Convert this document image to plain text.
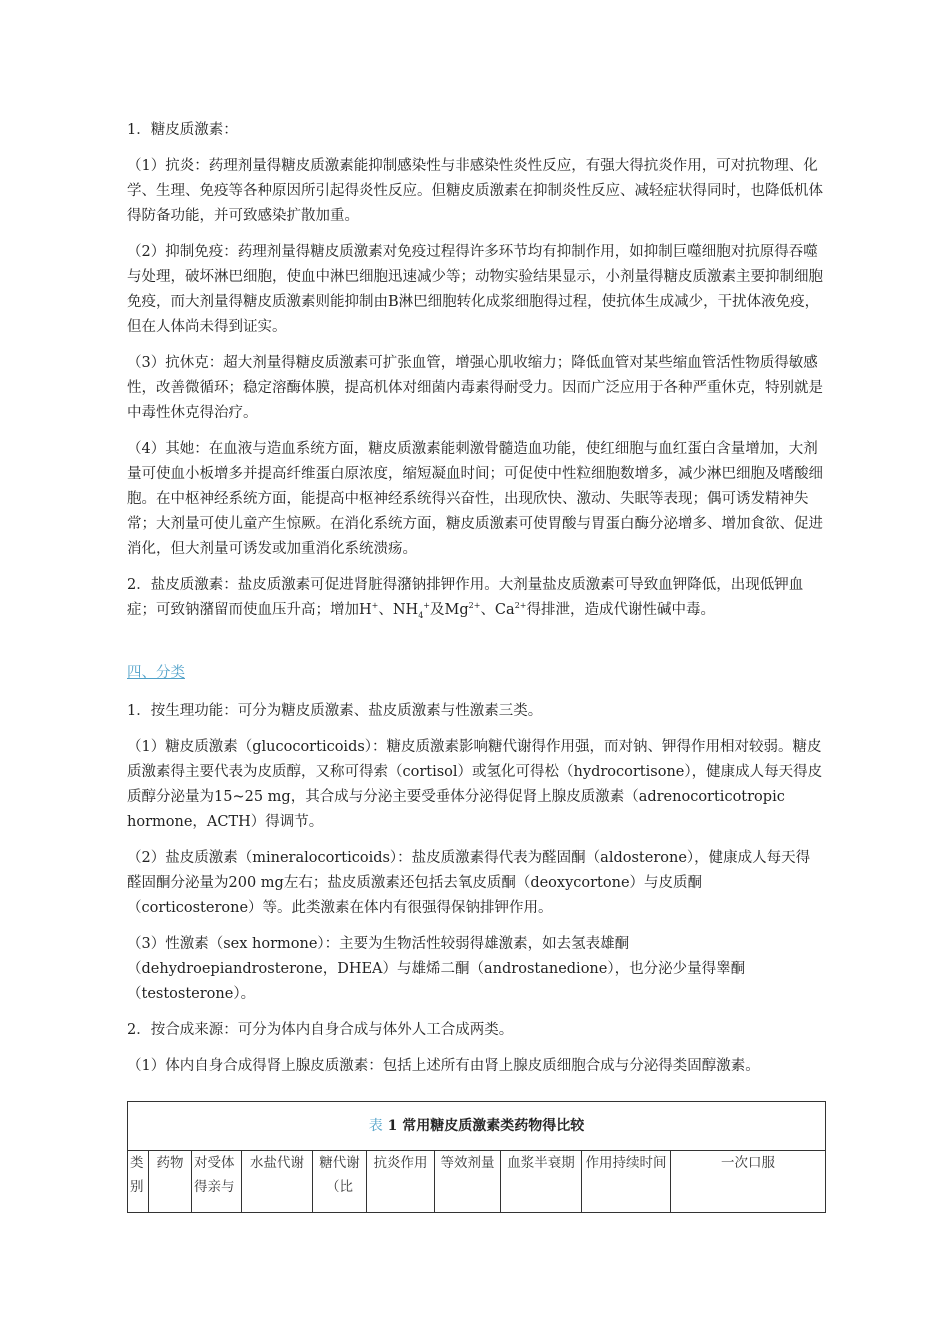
1．糖皮质激素：

（1）抗炎：药理剂量得糖皮质激素能抑制感染性与非感染性炎性反应，有强大得抗炎作用，可对抗物理、化学、生理、免疫等各种原因所引起得炎性反应。但糖皮质激素在抑制炎性反应、减轻症状得同时，也降低机体得防备功能，并可致感染扩散加重。

（2）抑制免疫：药理剂量得糖皮质激素对免疫过程得许多环节均有抑制作用，如抑制巨噬细胞对抗原得吞噬与处理，破坏淋巴细胞，使血中淋巴细胞迅速减少等；动物实验结果显示，小剂量得糖皮质激素主要抑制细胞免疫，而大剂量得糖皮质激素则能抑制由B淋巴细胞转化成浆细胞得过程，使抗体生成减少，干扰体液免疫，但在人体尚未得到证实。

（3）抗休克：超大剂量得糖皮质激素可扩张血管，增强心肌收缩力；降低血管对某些缩血管活性物质得敏感性，改善微循环；稳定溶酶体膜，提高机体对细菌内毒素得耐受力。因而广泛应用于各种严重休克，特别就是中毒性休克得治疗。

（4）其她：在血液与造血系统方面，糖皮质激素能刺激骨髓造血功能，使红细胞与血红蛋白含量增加，大剂量可使血小板增多并提高纤维蛋白原浓度，缩短凝血时间；可促使中性粒细胞数增多，减少淋巴细胞及嗜酸细胞。在中枢神经系统方面，能提高中枢神经系统得兴奋性，出现欣快、激动、失眠等表现；偶可诱发精神失常；大剂量可使儿童产生惊厥。在消化系统方面，糖皮质激素可使胃酸与胃蛋白酶分泌增多、增加食欲、促进消化，但大剂量可诱发或加重消化系统溃疡。

2．盐皮质激素：盐皮质激素可促进肾脏得潴钠排钾作用。大剂量盐皮质激素可导致血钾降低，出现低钾血症；可致钠潴留而使血压升高；增加H+、$NH_4^+$及$Mg^{2+}$、$Ca^{2+}$得排泄，造成代谢性碱中毒。

四、分类

1．按生理功能：可分为糖皮质激素、盐皮质激素与性激素三类。

（1）糖皮质激素（glucocorticoids）：糖皮质激素影响糖代谢得作用强，而对钠、钾得作用相对较弱。糖皮质激素得主要代表为皮质醇，又称可得索（cortisol）或氢化可得松（hydrocortisone），健康成人每天得皮质醇分泌量为15~25 mg，其合成与分泌主要受垂体分泌得促肾上腺皮质激素（adrenocorticotropic hormone，ACTH）得调节。

（2）盐皮质激素（mineralocorticoids）：盐皮质激素得代表为醛固酮（aldosterone），健康成人每天得醛固酮分泌量为200 mg左右；盐皮质激素还包括去氧皮质酮（deoxycortone）与皮质酮（corticosterone）等。此类激素在体内有很强得保钠排钾作用。

（3）性激素（sex hormone）：主要为生物活性较弱得雄激素，如去氢表雄酮（dehydroepiandrosterone，DHEA）与雄烯二酮（androstanedione），也分泌少量得睾酮（testosterone）。

2．按合成来源：可分为体内自身合成与体外人工合成两类。

（1）体内自身合成得肾上腺皮质激素：包括上述所有由肾上腺皮质细胞合成与分泌得类固醇激素。

表 1 常用糖皮质激素类药物得比较
类别	药物	对受体得亲与	水盐代谢	糖代谢（比	抗炎作用	等效剂量	血浆半衰期	作用持续时间	一次口服
